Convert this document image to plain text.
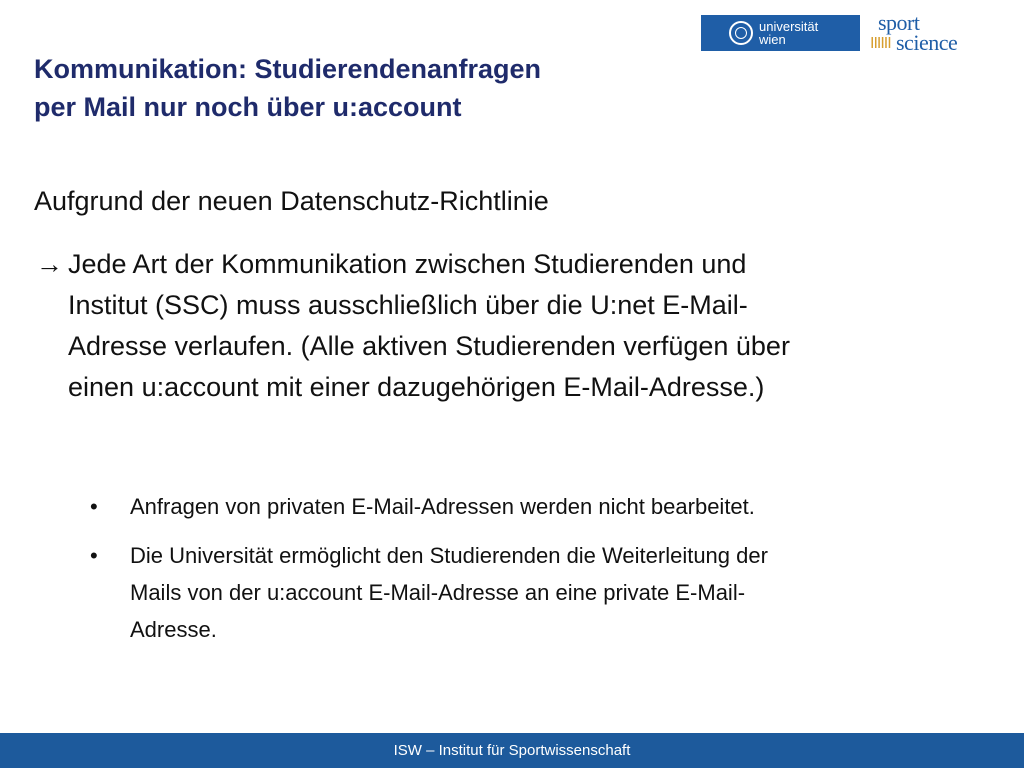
Kommunikation: Studierendenanfragen
per Mail nur noch über u:account
universität
wien
sport
IIIIII science
Aufgrund der neuen Datenschutz-Richtlinie
→ Jede Art der Kommunikation zwischen Studierenden und
Institut (SSC) muss ausschließlich über die U:net E-Mail-
Adresse verlaufen. (Alle aktiven Studierenden verfügen über
einen u:account mit einer dazugehörigen E-Mail-Adresse.)
• Anfragen von privaten E-Mail-Adressen werden nicht bearbeitet.
• Die Universität ermöglicht den Studierenden die Weiterleitung der
Mails von der u:account E-Mail-Adresse an eine private E-Mail-
Adresse.
ISW – Institut für Sportwissenschaft
